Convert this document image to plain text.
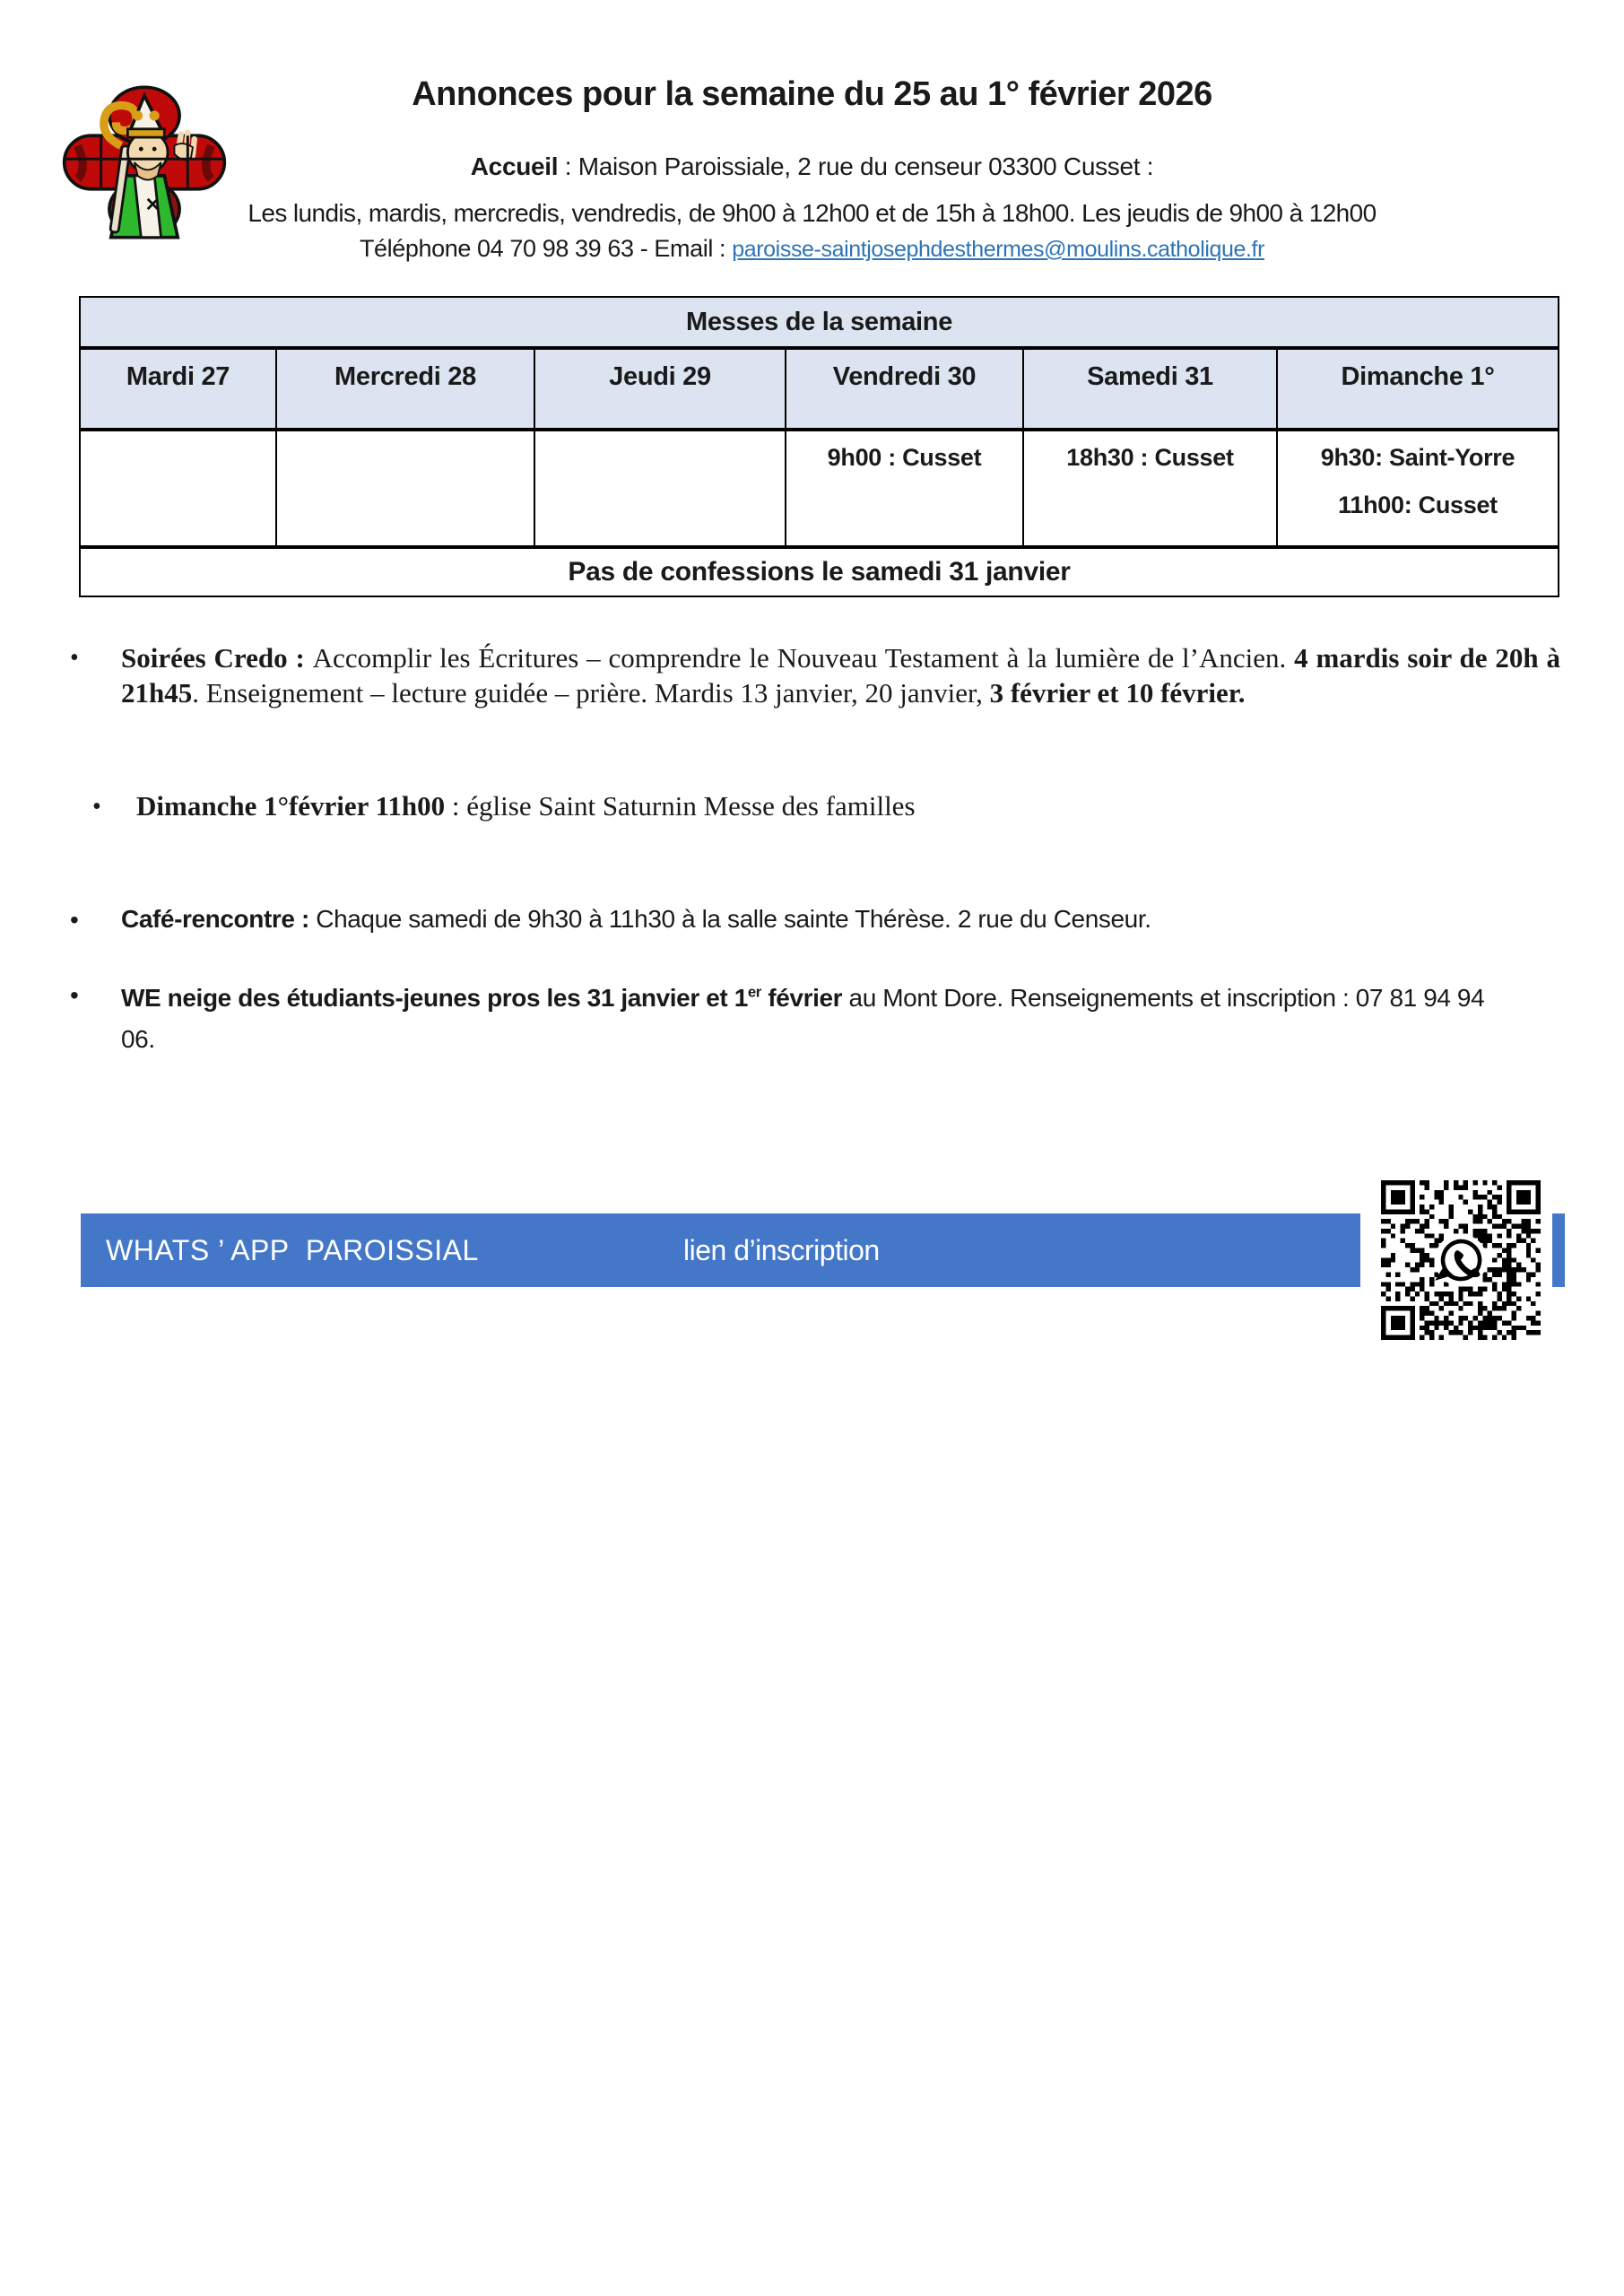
Annonces pour la semaine du 25 au 1° février 2026

Accueil : Maison Paroissiale, 2 rue du censeur 03300 Cusset :

Les lundis, mardis, mercredis, vendredis, de 9h00 à 12h00 et de 15h à 18h00. Les jeudis de 9h00 à 12h00

Téléphone 04 70 98 39 63 - Email : paroisse-saintjosephdesthermes@moulins.catholique.fr

Messes de la semaine					
Mardi 27	Mercredi 28	Jeudi 29	Vendredi 30	Samedi 31	Dimanche 1°
			9h00 : Cusset	18h30 : Cusset	9h30: Saint-Yorre
11h00: Cusset

Pas de confessions le samedi 31 janvier					
•	Soirées Credo : Accomplir les Écritures – comprendre le Nouveau Testament à la lumière de l’Ancien. 4 mardis soir de 20h à 21h45. Enseignement – lecture guidée – prière. Mardis 13 janvier, 20 janvier, 3 février et 10 février.
•	Dimanche 1°février 11h00 : église Saint Saturnin Messe des familles
•	Café-rencontre : Chaque samedi de 9h30 à 11h30 à la salle sainte Thérèse. 2 rue du Censeur.
•	WE neige des étudiants-jeunes pros les 31 janvier et 1er février au Mont Dore. Renseignements et inscription : 07 81 94 94 06.
WHATS ’ APP  PAROISSIAL	lien d’inscription
